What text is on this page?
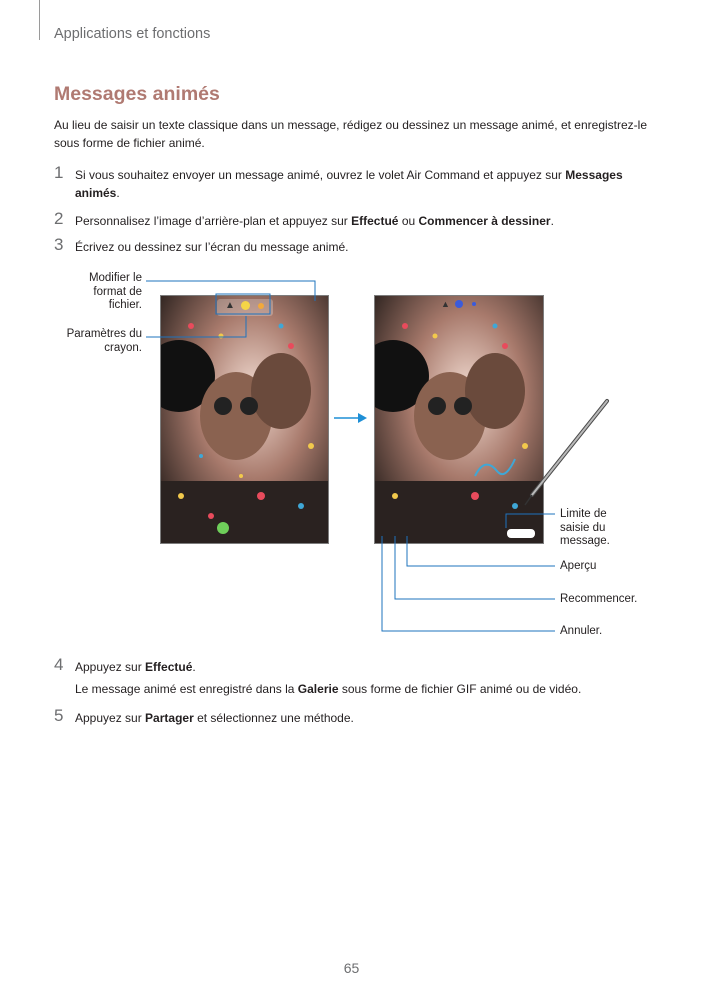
Applications et fonctions
Messages animés
Au lieu de saisir un texte classique dans un message, rédigez ou dessinez un message animé, et enregistrez-le sous forme de fichier animé.
1 Si vous souhaitez envoyer un message animé, ouvrez le volet Air Command et appuyez sur Messages animés.
2 Personnalisez l’image d’arrière-plan et appuyez sur Effectué ou Commencer à dessiner.
3 Écrivez ou dessinez sur l’écran du message animé.
Modifier le format de fichier.
Paramètres du crayon.
▲	▲
Limite de saisie du message.
Aperçu
Recommencer.
Annuler.
4 Appuyez sur Effectué.
Le message animé est enregistré dans la Galerie sous forme de fichier GIF animé ou de vidéo.
5 Appuyez sur Partager et sélectionnez une méthode.
65
